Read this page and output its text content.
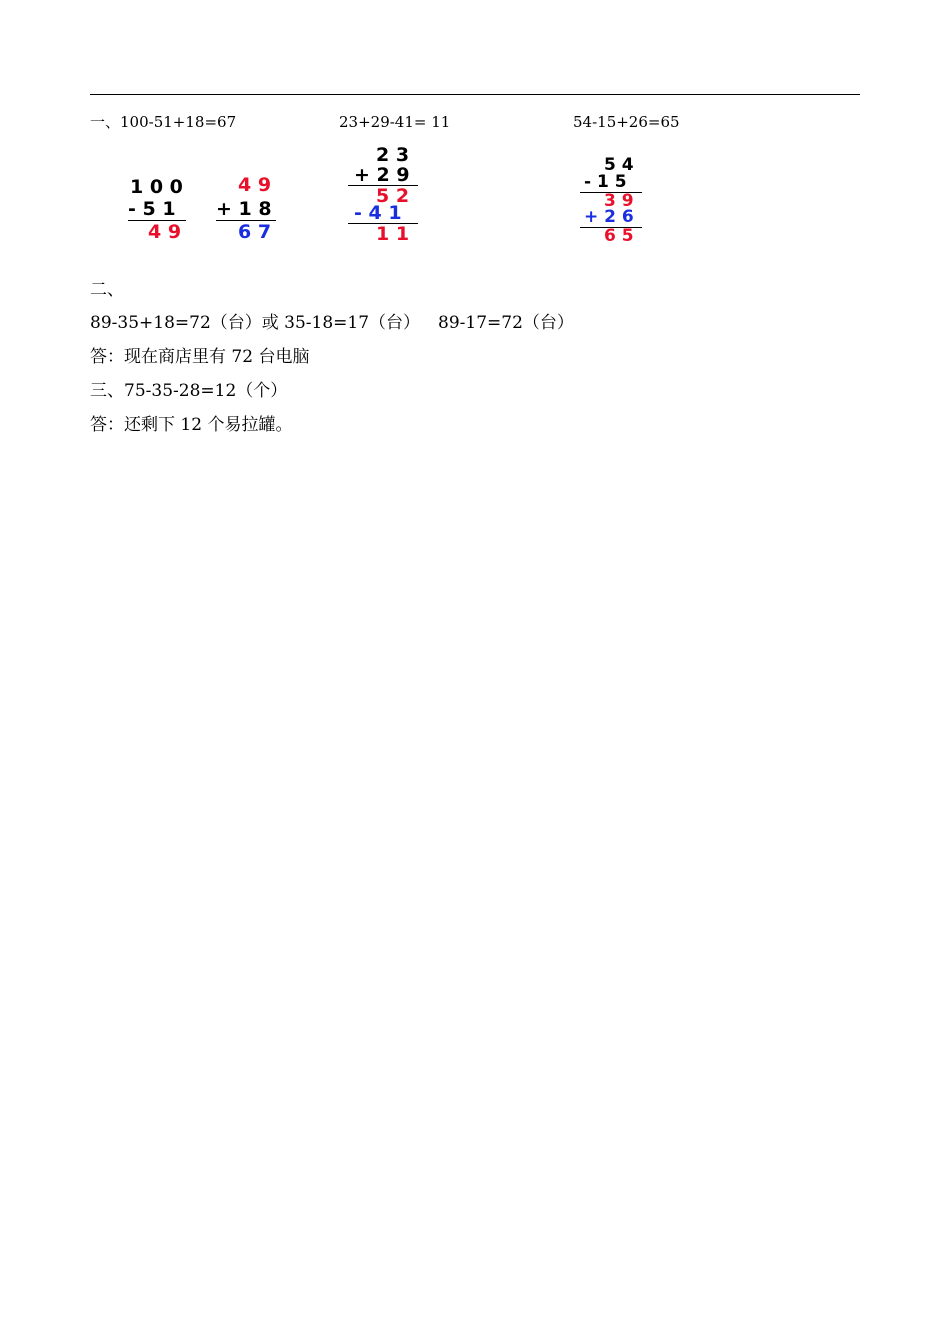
一、100-51+18=67	23+29-41= 11	54-15+26=65
1 0 0
- 5 1
4 9
4 9
+ 1 8
6 7
2 3
+ 2 9
5 2
- 4 1
1 1
5 4
- 1 5
3 9
+ 2 6
6 5
二、
89-35+18=72（台）或 35-18=17（台） 89-17=72（台）
答：现在商店里有 72 台电脑
三、75-35-28=12（个）
答：还剩下 12 个易拉罐。
